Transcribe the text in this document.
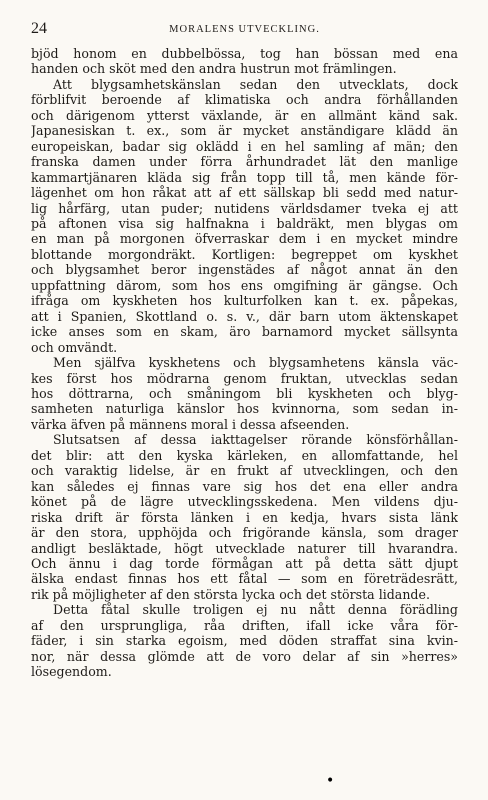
24	MORALENS UTVECKLING.
bjöd honom en dubbelbössa, tog han bössan med ena
handen och sköt med den andra hustrun mot främlingen.
Att blygsamhetskänslan sedan den utvecklats, dock
förblifvit beroende af klimatiska och andra förhållanden
och därigenom ytterst växlande, är en allmänt känd sak.
Japanesiskan t. ex., som är mycket anständigare klädd än
europeiskan, badar sig oklädd i en hel samling af män; den
franska damen under förra århundradet lät den manlige
kammartjänaren kläda sig från topp till tå, men kände för-
lägenhet om hon råkat att af ett sällskap bli sedd med natur-
lig hårfärg, utan puder; nutidens världsdamer tveka ej att
på aftonen visa sig halfnakna i baldräkt, men blygas om
en man på morgonen öfverraskar dem i en mycket mindre
blottande morgondräkt. Kortligen: begreppet om kyskhet
och blygsamhet beror ingenstädes af något annat än den
uppfattning därom, som hos ens omgifning är gängse. Och
ifråga om kyskheten hos kulturfolken kan t. ex. påpekas,
att i Spanien, Skottland o. s. v., där barn utom äktenskapet
icke anses som en skam, äro barnamord mycket sällsynta
och omvändt.
Men själfva kyskhetens och blygsamhetens känsla väc-
kes först hos mödrarna genom fruktan, utvecklas sedan
hos döttrarna, och småningom bli kyskheten och blyg-
samheten naturliga känslor hos kvinnorna, som sedan in-
värka äfven på männens moral i dessa afseenden.
Slutsatsen af dessa iakttagelser rörande könsförhållan-
det blir: att den kyska kärleken, en allomfattande, hel
och varaktig lidelse, är en frukt af utvecklingen, och den
kan således ej finnas vare sig hos det ena eller andra
könet på de lägre utvecklingsskedena. Men vildens dju-
riska drift är första länken i en kedja, hvars sista länk
är den stora, upphöjda och frigörande känsla, som drager
andligt besläktade, högt utvecklade naturer till hvarandra.
Och ännu i dag torde förmågan att på detta sätt djupt
älska endast finnas hos ett fåtal — som en företrädesrätt,
rik på möjligheter af den största lycka och det största lidande.
Detta fåtal skulle troligen ej nu nått denna förädling
af den ursprungliga, råa driften, ifall icke våra för-
fäder, i sin starka egoism, med döden straffat sina kvin-
nor, när dessa glömde att de voro delar af sin »herres»
lösegendom.
•
